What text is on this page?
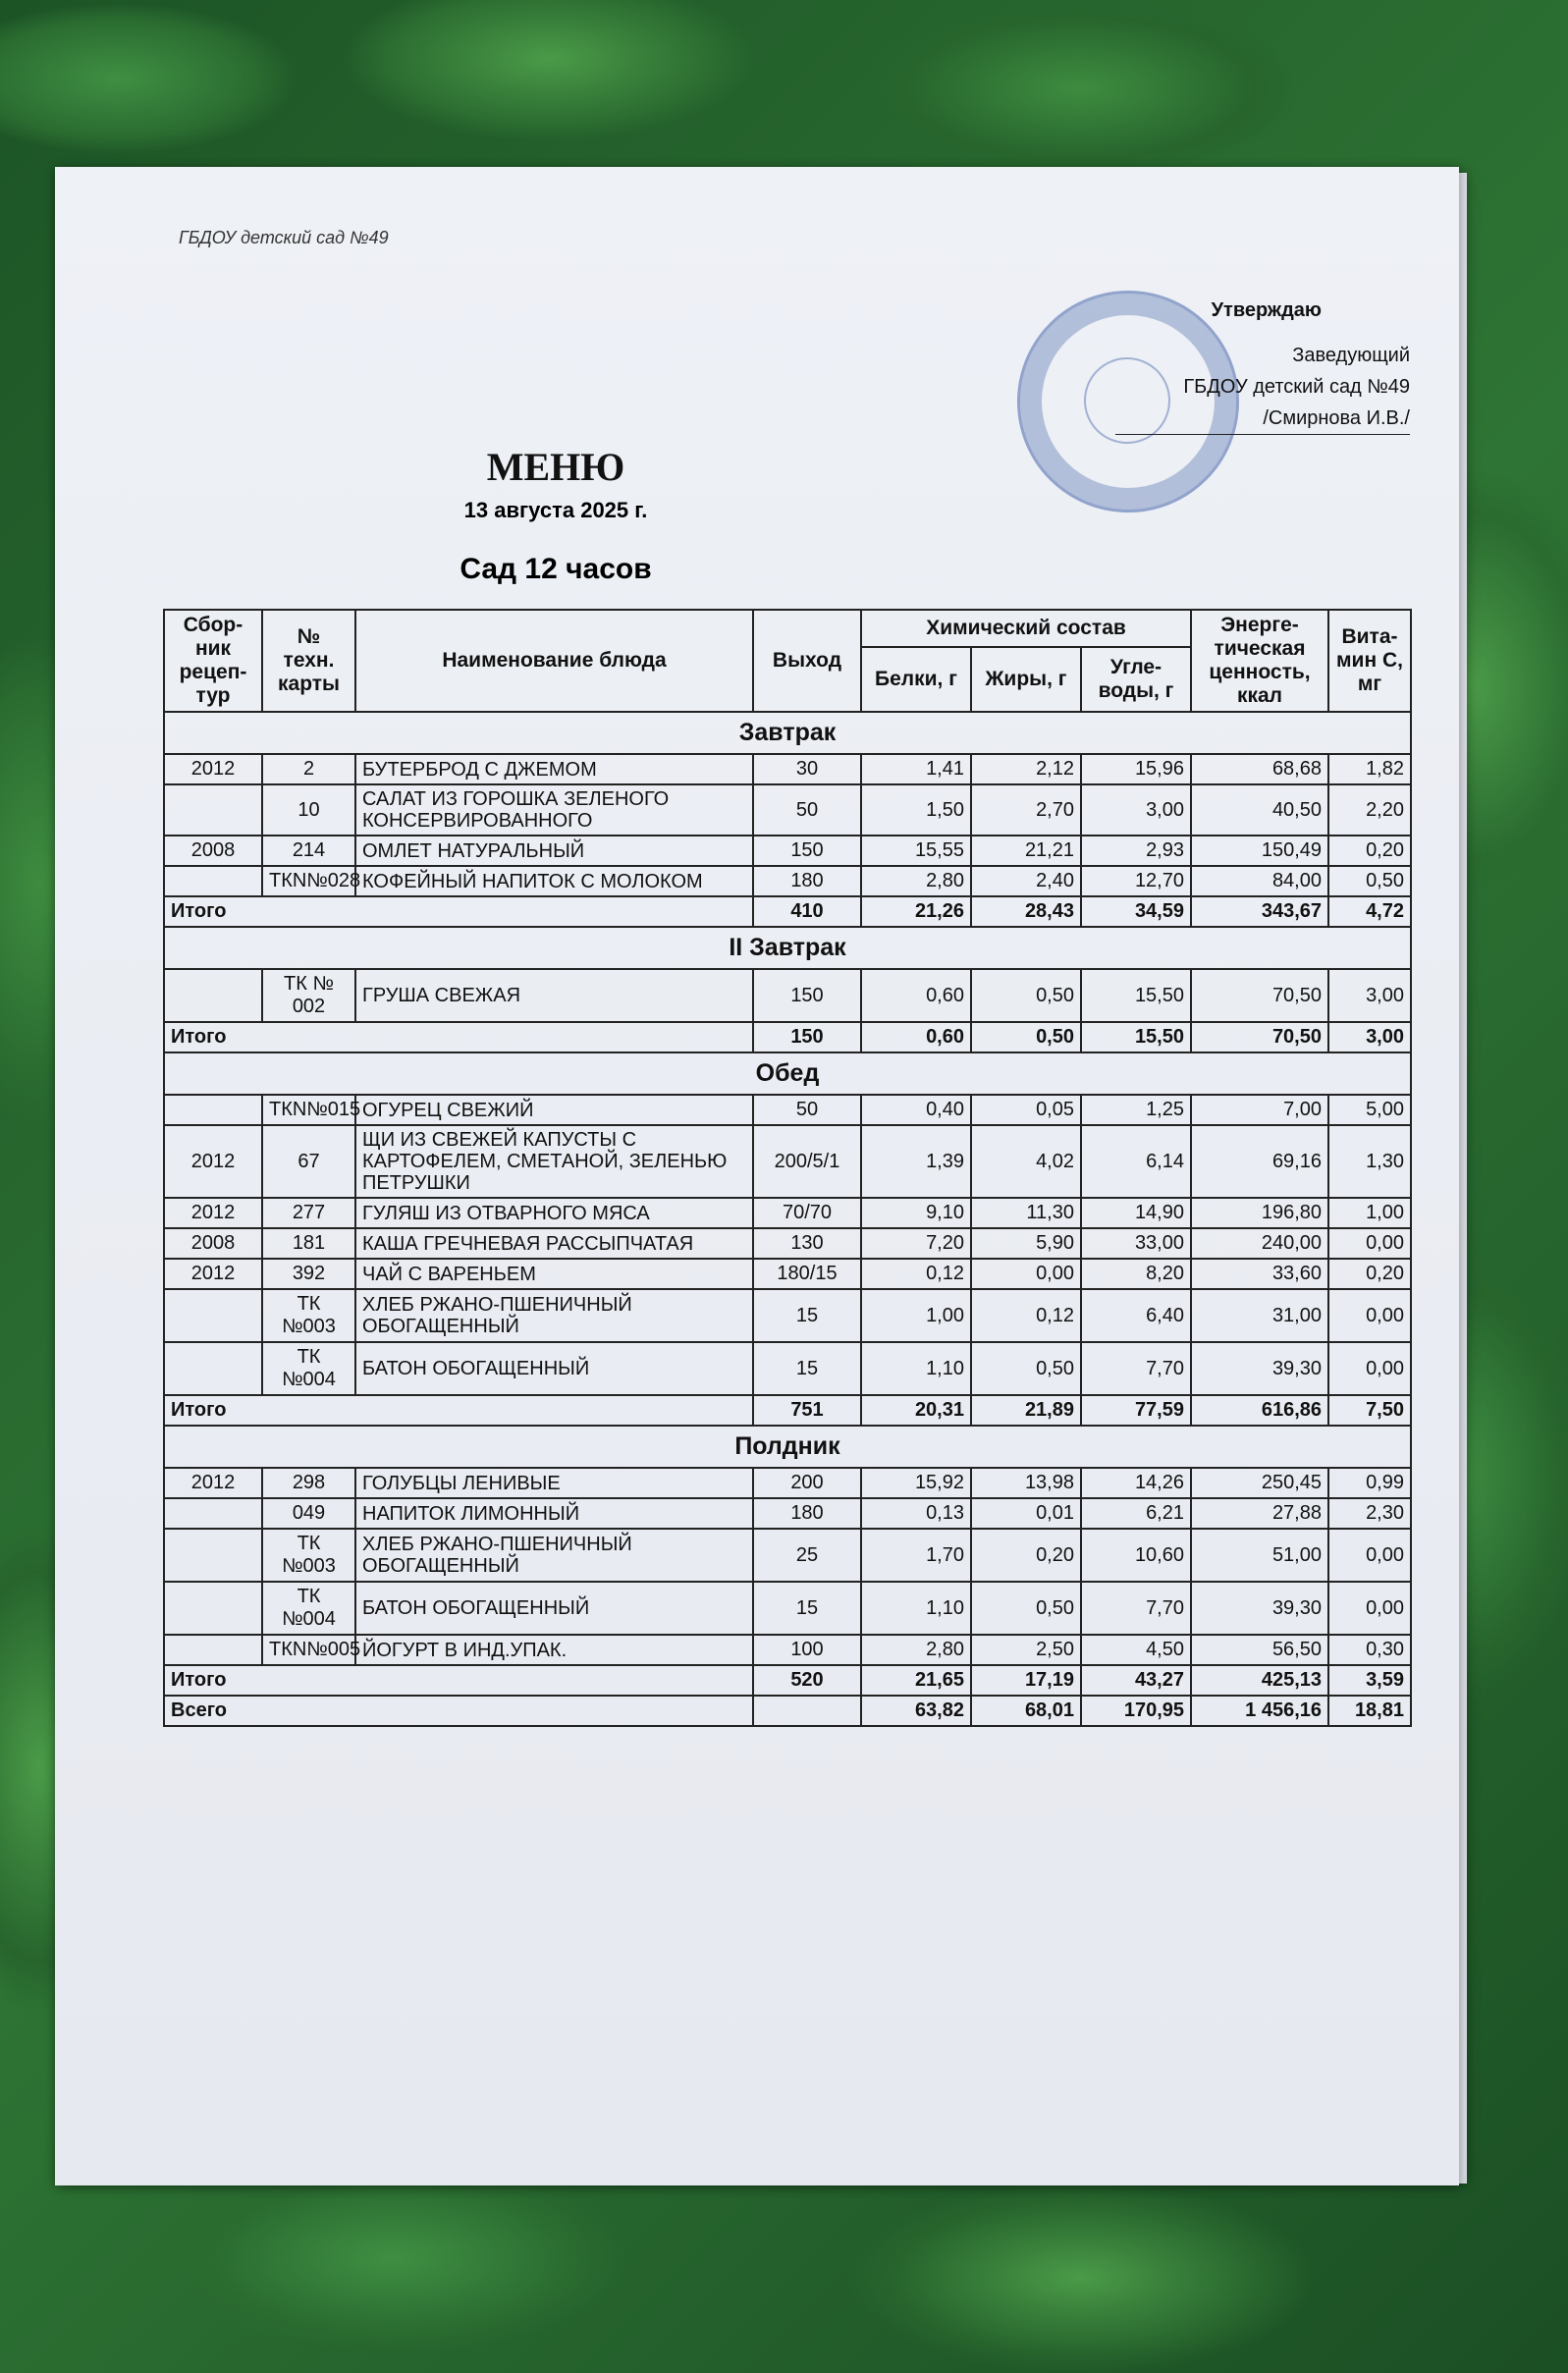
ГБДОУ детский сад №49
Утверждаю
Заведующий
ГБДОУ детский сад №49
/Смирнова И.В./
МЕНЮ
13 августа 2025 г.
Сад 12 часов
Сбор-ник рецеп-тур	№ техн. карты	Наименование блюда	Выход	Химический состав			Энерге-тическая ценность, ккал	Вита-мин С, мг
				Белки, г	Жиры, г	Угле-воды, г		
Завтрак								
2012	2	БУТЕРБРОД С ДЖЕМОМ	30	1,41	2,12	15,96	68,68	1,82
	10	САЛАТ ИЗ ГОРОШКА ЗЕЛЕНОГО КОНСЕРВИРОВАННОГО	50	1,50	2,70	3,00	40,50	2,20
2008	214	ОМЛЕТ НАТУРАЛЬНЫЙ	150	15,55	21,21	2,93	150,49	0,20
	ТКN№028	КОФЕЙНЫЙ НАПИТОК С МОЛОКОМ	180	2,80	2,40	12,70	84,00	0,50
Итого			410	21,26	28,43	34,59	343,67	4,72
II Завтрак								
	ТК № 002	ГРУША СВЕЖАЯ	150	0,60	0,50	15,50	70,50	3,00
Итого			150	0,60	0,50	15,50	70,50	3,00
Обед								
	ТКN№015	ОГУРЕЦ СВЕЖИЙ	50	0,40	0,05	1,25	7,00	5,00
2012	67	ЩИ ИЗ СВЕЖЕЙ КАПУСТЫ С КАРТОФЕЛЕМ, СМЕТАНОЙ, ЗЕЛЕНЬЮ ПЕТРУШКИ	200/5/1	1,39	4,02	6,14	69,16	1,30
2012	277	ГУЛЯШ ИЗ ОТВАРНОГО МЯСА	70/70	9,10	11,30	14,90	196,80	1,00
2008	181	КАША ГРЕЧНЕВАЯ РАССЫПЧАТАЯ	130	7,20	5,90	33,00	240,00	0,00
2012	392	ЧАЙ С ВАРЕНЬЕМ	180/15	0,12	0,00	8,20	33,60	0,20
	ТК №003	ХЛЕБ РЖАНО-ПШЕНИЧНЫЙ ОБОГАЩЕННЫЙ	15	1,00	0,12	6,40	31,00	0,00
	ТК №004	БАТОН ОБОГАЩЕННЫЙ	15	1,10	0,50	7,70	39,30	0,00
Итого			751	20,31	21,89	77,59	616,86	7,50
Полдник								
2012	298	ГОЛУБЦЫ ЛЕНИВЫЕ	200	15,92	13,98	14,26	250,45	0,99
	049	НАПИТОК ЛИМОННЫЙ	180	0,13	0,01	6,21	27,88	2,30
	ТК №003	ХЛЕБ РЖАНО-ПШЕНИЧНЫЙ ОБОГАЩЕННЫЙ	25	1,70	0,20	10,60	51,00	0,00
	ТК №004	БАТОН ОБОГАЩЕННЫЙ	15	1,10	0,50	7,70	39,30	0,00
	ТКN№005	ЙОГУРТ В ИНД.УПАК.	100	2,80	2,50	4,50	56,50	0,30
Итого			520	21,65	17,19	43,27	425,13	3,59
Всего				63,82	68,01	170,95	1 456,16	18,81
